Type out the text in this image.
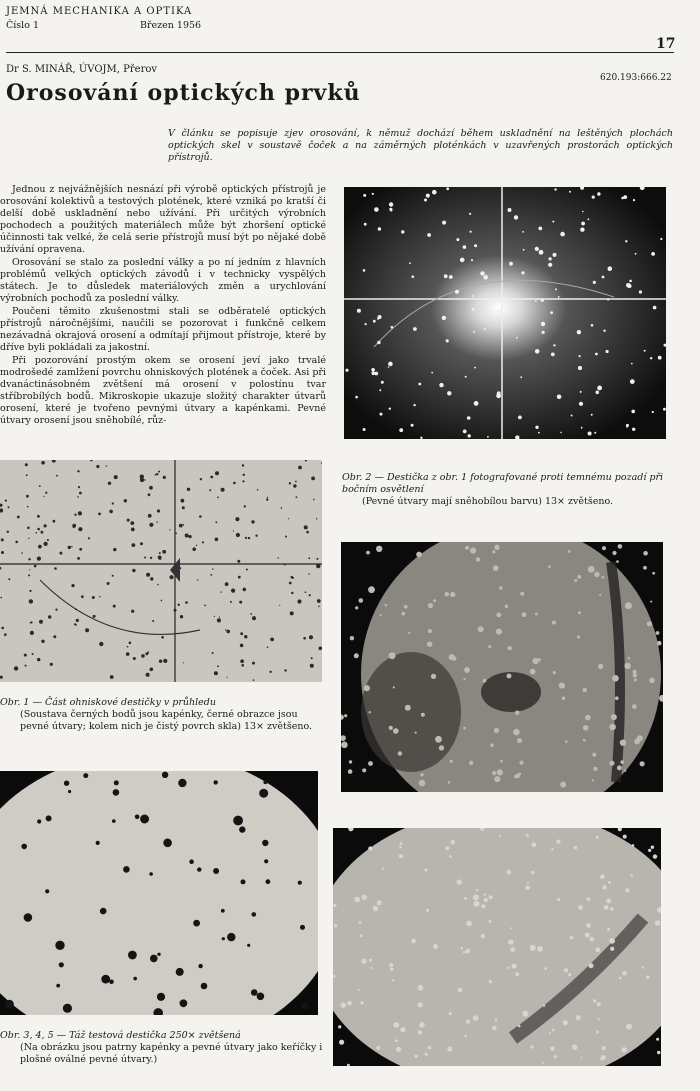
JEMNÁ MECHANIKA A OPTIKA
Číslo 1	Březen 1956
17
Dr S. MINÁŘ, ÚVOJM, Přerov
620.193:666.22
Orosování optických prvků
V článku se popisuje zjev orosování, k němuž dochází během uskladnění na leštěných plochách optických skel v soustavě čoček a na záměrných ploténkách v uzavřených prostorách optických přístrojů.

Jednou z nejvážnějších nesnází při výrobě optických přístrojů je orosování kolektivů a testových plotének, které vzniká po kratší či delší době uskladnění nebo užívání. Při určitých výrobních pochodech a použitých materiálech může být zhoršení optické účinnosti tak velké, že celá serie přístrojů musí být po nějaké době užívání opravena.

Orosování se stalo za poslední války a po ní jedním z hlavních problémů velkých optických závodů i v technicky vyspělých státech. Je to důsledek materiálových změn a urychlování výrobních pochodů za poslední války.

Poučeni těmito zkušenostmi stali se odběratelé optických přístrojů náročnějšími, naučili se pozorovat i funkčně celkem nezávadná okrajová orosení a odmítají přijmout přístroje, které by dříve byli pokládali za jakostní.

Při pozorování prostým okem se orosení jeví jako trvalé modrošedé zamlžení povrchu ohniskových plotének a čoček. Asi při dvanáctinásobném zvětšení má orosení v polostínu tvar stříbrobílých bodů. Mikroskopie ukazuje složitý charakter útvarů orosení, které je tvořeno pevnými útvary a kapénkami. Pevné útvary orosení jsou sněhobílé, růz-

Obr. 2 — Destička z obr. 1 fotografované proti temnému pozadí při bočním osvětlení
(Pevné útvary mají sněhobílou barvu) 13× zvětšeno.
Obr. 1 — Část ohniskové destičky v průhledu
(Soustava černých bodů jsou kapénky, černé obrazce jsou pevné útvary; kolem nich je čistý povrch skla) 13× zvětšeno.
Obr. 3, 4, 5 — Táž testová destička 250× zvětšená
(Na obrázku jsou patrny kapénky a pevné útvary jako keříčky i plošné oválné pevné útvary.)
